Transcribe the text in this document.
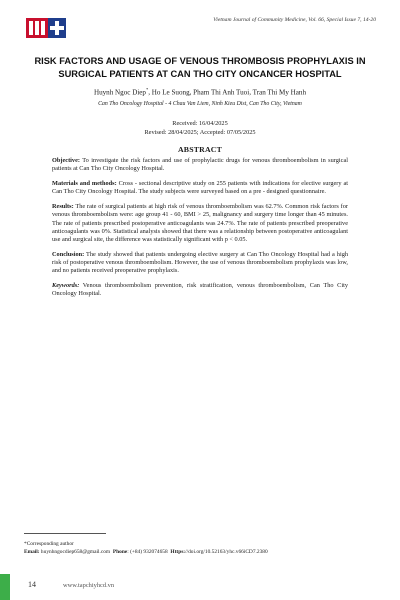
Vietnam Journal of Community Medicine, Vol. 66, Special Issue 7, 14-20
RISK FACTORS AND USAGE OF VENOUS THROMBOSIS PROPHYLAXIS IN SURGICAL PATIENTS AT CAN THO CITY ONCANCER HOSPITAL
Huynh Ngoc Diep*, Ho Le Suong, Pham Thi Anh Tuoi, Tran Thi My Hanh
Can Tho Oncology Hospital - 4 Chau Van Liem, Ninh Kieu Dist, Can Tho City, Vietnam
Received: 16/04/2025
Revised: 28/04/2025; Accepted: 07/05/2025
ABSTRACT

Objective: To investigate the risk factors and use of prophylactic drugs for venous thromboembolism in surgical patients at Can Tho City Oncology Hospital.

Materials and methods: Cross - sectional descriptive study on 255 patients with indications for elective surgery at Can Tho City Oncology Hospital. The study subjects were surveyed based on a pre - designed questionnaire.

Results: The rate of surgical patients at high risk of venous thromboembolism was 62.7%. Common risk factors for venous thromboembolism were: age group 41 - 60, BMI > 25, malignancy and surgery time longer than 45 minutes. The rate of patients prescribed postoperative anticoagulants was 24.7%. The rate of patients prescribed preoperative anticoagulants was 0%. Statistical analysis showed that there was a relationship between postoperative anticoagulant use and surgical site, the difference was statistically significant with p < 0.05.

Conclusion: The study showed that patients undergoing elective surgery at Can Tho Oncology Hospital had a high risk of postoperative venous thromboembolism. However, the use of venous thromboembolism prophylaxis was low, and no patients received preoperative prophylaxis.

Keywords: Venous thromboembolism prevention, risk stratification, venous thromboembolism, Can Tho City Oncology Hospital.

*Corresponding author
Email: huynhngocdiep658@gmail.com Phone: (+84) 932074658 Https://doi.org/10.52163/yhc.v66iCD7.2380
14	www.tapchiyhcd.vn
